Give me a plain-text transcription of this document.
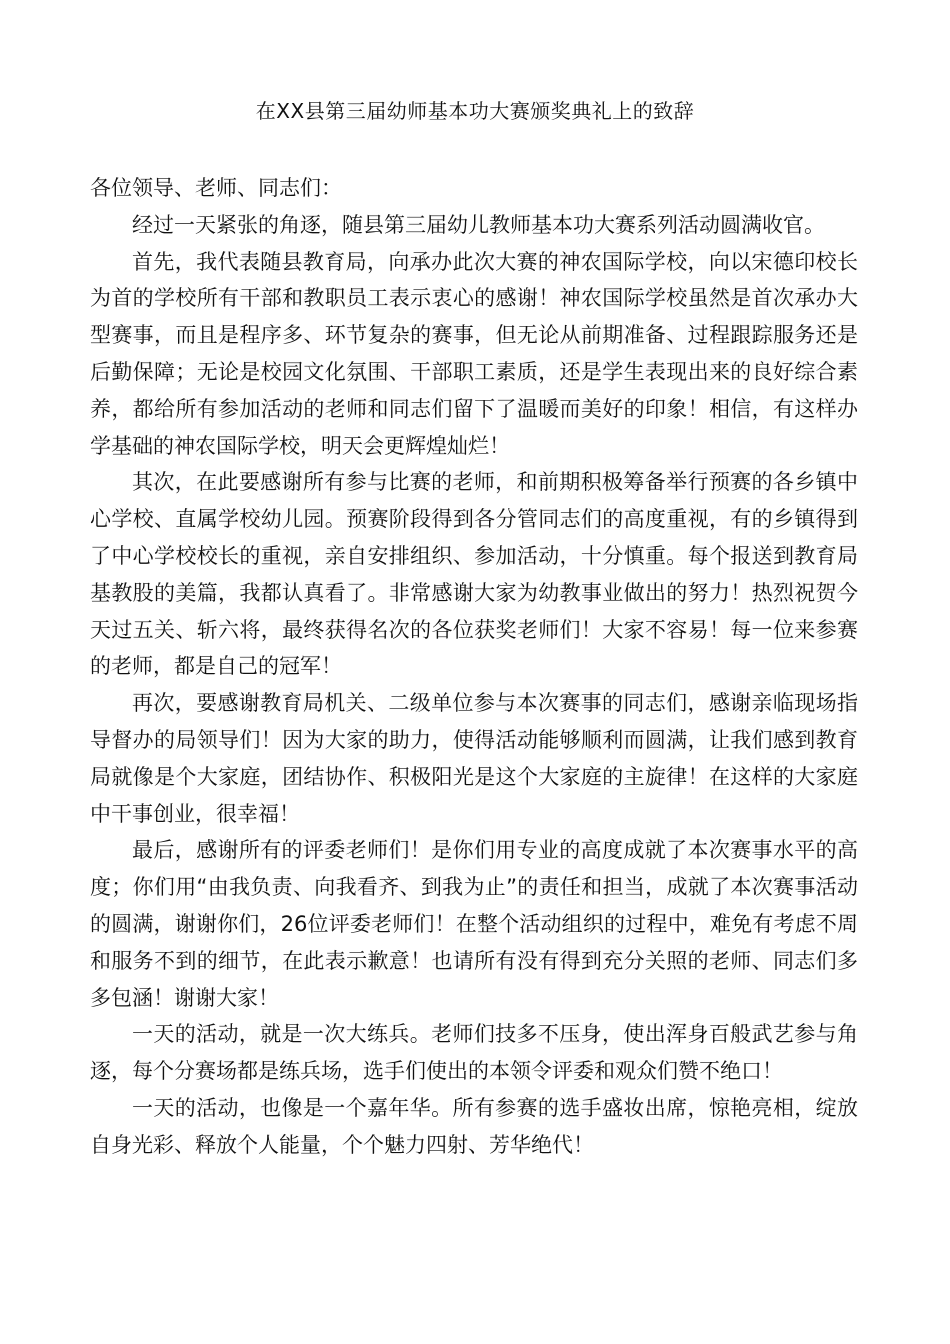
在XX县第三届幼师基本功大赛颁奖典礼上的致辞

各位领导、老师、同志们：

经过一天紧张的角逐，随县第三届幼儿教师基本功大赛系列活动圆满收官。

首先，我代表随县教育局，向承办此次大赛的神农国际学校，向以宋德印校长为首的学校所有干部和教职员工表示衷心的感谢！神农国际学校虽然是首次承办大型赛事，而且是程序多、环节复杂的赛事，但无论从前期准备、过程跟踪服务还是后勤保障；无论是校园文化氛围、干部职工素质，还是学生表现出来的良好综合素养，都给所有参加活动的老师和同志们留下了温暖而美好的印象！相信，有这样办学基础的神农国际学校，明天会更辉煌灿烂！

其次，在此要感谢所有参与比赛的老师，和前期积极筹备举行预赛的各乡镇中心学校、直属学校幼儿园。预赛阶段得到各分管同志们的高度重视，有的乡镇得到了中心学校校长的重视，亲自安排组织、参加活动，十分慎重。每个报送到教育局基教股的美篇，我都认真看了。非常感谢大家为幼教事业做出的努力！热烈祝贺今天过五关、斩六将，最终获得名次的各位获奖老师们！大家不容易！每一位来参赛的老师，都是自己的冠军！

再次，要感谢教育局机关、二级单位参与本次赛事的同志们，感谢亲临现场指导督办的局领导们！因为大家的助力，使得活动能够顺利而圆满，让我们感到教育局就像是个大家庭，团结协作、积极阳光是这个大家庭的主旋律！在这样的大家庭中干事创业，很幸福！

最后，感谢所有的评委老师们！是你们用专业的高度成就了本次赛事水平的高度；你们用“由我负责、向我看齐、到我为止”的责任和担当，成就了本次赛事活动的圆满，谢谢你们，26位评委老师们！在整个活动组织的过程中，难免有考虑不周和服务不到的细节，在此表示歉意！也请所有没有得到充分关照的老师、同志们多多包涵！谢谢大家！

一天的活动，就是一次大练兵。老师们技多不压身，使出浑身百般武艺参与角逐，每个分赛场都是练兵场，选手们使出的本领令评委和观众们赞不绝口！

一天的活动，也像是一个嘉年华。所有参赛的选手盛妆出席，惊艳亮相，绽放自身光彩、释放个人能量，个个魅力四射、芳华绝代！
